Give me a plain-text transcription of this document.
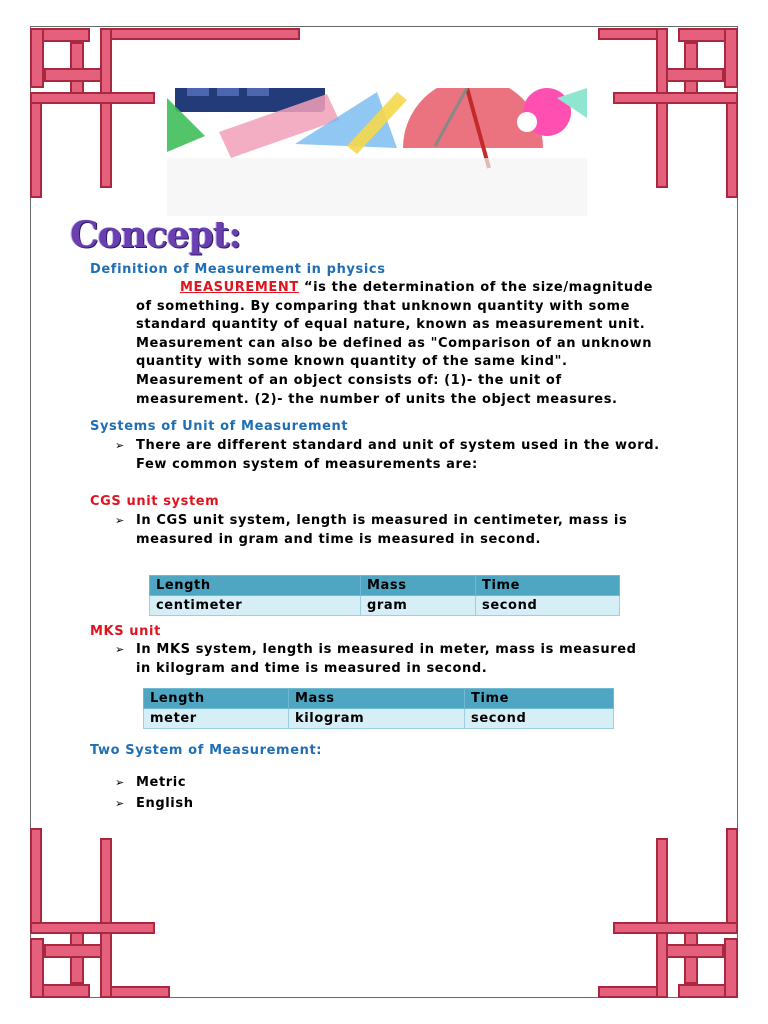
Concept:
Definition of Measurement in physics
MEASUREMENT “is the determination of the size/magnitude
of something. By comparing that unknown quantity with some
standard quantity of equal nature, known as measurement unit.
Measurement can also be defined as "Comparison of an unknown
quantity with some known quantity of the same kind".
Measurement of an object consists of: (1)- the unit of
measurement. (2)- the number of units the object measures.
Systems of Unit of Measurement
➢ There are different standard and unit of system used in the word.
Few common system of measurements are:
CGS unit system
➢ In CGS unit system, length is measured in centimeter, mass is
measured in gram and time is measured in second.
Length	Mass	Time
centimeter	gram	second
MKS unit
➢ In MKS system, length is measured in meter, mass is measured
in kilogram and time is measured in second.
Length	Mass	Time
meter	kilogram	second
Two System of Measurement:
➢ Metric
➢ English
